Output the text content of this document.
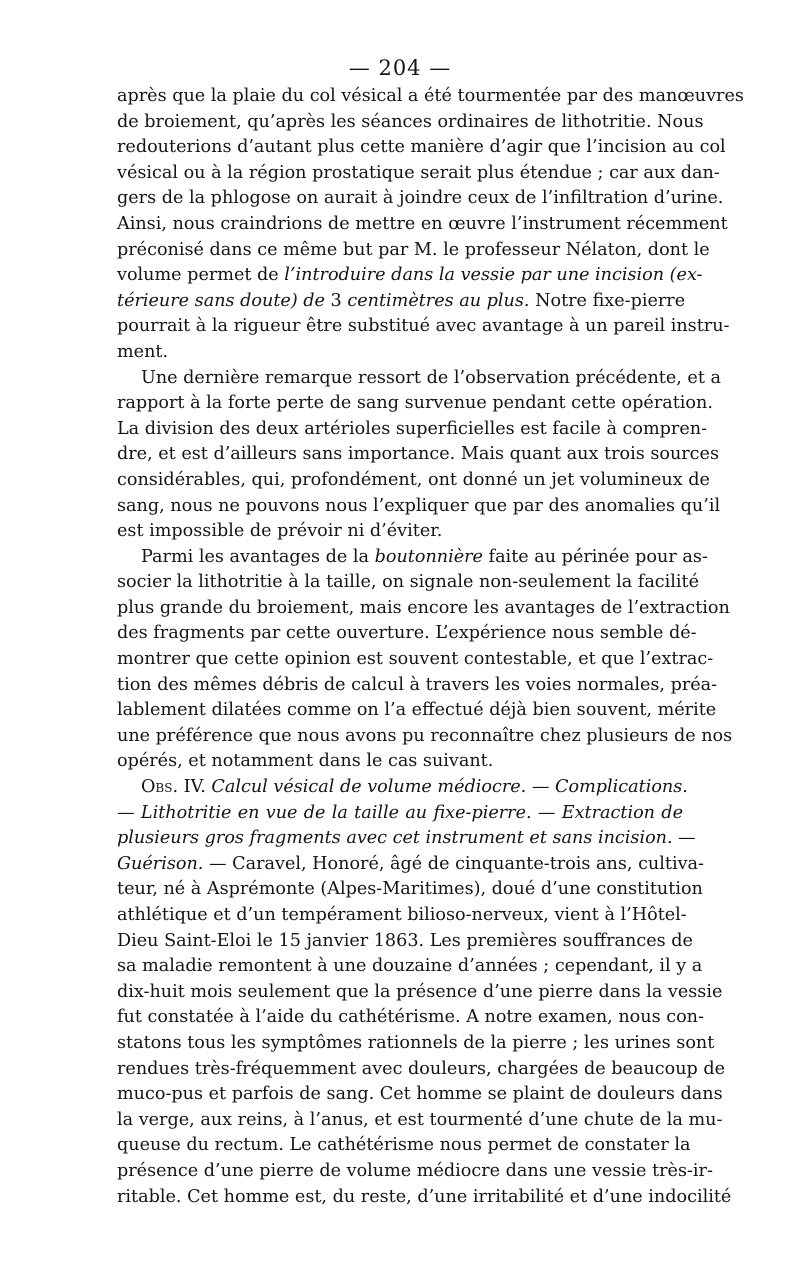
— 204 —
après que la plaie du col vésical a été tourmentée par des manœuvres
de broiement, qu’après les séances ordinaires de lithotritie. Nous
redouterions d’autant plus cette manière d’agir que l’incision au col
vésical ou à la région prostatique serait plus étendue ; car aux dan-
gers de la phlogose on aurait à joindre ceux de l’infiltration d’urine.
Ainsi, nous craindrions de mettre en œuvre l’instrument récemment
préconisé dans ce même but par M. le professeur Nélaton, dont le
volume permet de l’introduire dans la vessie par une incision (ex-
térieure sans doute) de 3 centimètres au plus. Notre fixe-pierre
pourrait à la rigueur être substitué avec avantage à un pareil instru-
ment.
Une dernière remarque ressort de l’observation précédente, et a
rapport à la forte perte de sang survenue pendant cette opération.
La division des deux artérioles superficielles est facile à compren-
dre, et est d’ailleurs sans importance. Mais quant aux trois sources
considérables, qui, profondément, ont donné un jet volumineux de
sang, nous ne pouvons nous l’expliquer que par des anomalies qu’il
est impossible de prévoir ni d’éviter.
Parmi les avantages de la boutonnière faite au périnée pour as-
socier la lithotritie à la taille, on signale non-seulement la facilité
plus grande du broiement, mais encore les avantages de l’extraction
des fragments par cette ouverture. L’expérience nous semble dé-
montrer que cette opinion est souvent contestable, et que l’extrac-
tion des mêmes débris de calcul à travers les voies normales, préa-
lablement dilatées comme on l’a effectué déjà bien souvent, mérite
une préférence que nous avons pu reconnaître chez plusieurs de nos
opérés, et notamment dans le cas suivant.
Obs. IV. Calcul vésical de volume médiocre. — Complications.
— Lithotritie en vue de la taille au fixe-pierre. — Extraction de
plusieurs gros fragments avec cet instrument et sans incision. —
Guérison. — Caravel, Honoré, âgé de cinquante-trois ans, cultiva-
teur, né à Asprémonte (Alpes-Maritimes), doué d’une constitution
athlétique et d’un tempérament bilioso-nerveux, vient à l’Hôtel-
Dieu Saint-Eloi le 15 janvier 1863. Les premières souffrances de
sa maladie remontent à une douzaine d’années ; cependant, il y a
dix-huit mois seulement que la présence d’une pierre dans la vessie
fut constatée à l’aide du cathétérisme. A notre examen, nous con-
statons tous les symptômes rationnels de la pierre ; les urines sont
rendues très-fréquemment avec douleurs, chargées de beaucoup de
muco-pus et parfois de sang. Cet homme se plaint de douleurs dans
la verge, aux reins, à l’anus, et est tourmenté d’une chute de la mu-
queuse du rectum. Le cathétérisme nous permet de constater la
présence d’une pierre de volume médiocre dans une vessie très-ir-
ritable. Cet homme est, du reste, d’une irritabilité et d’une indocilité
